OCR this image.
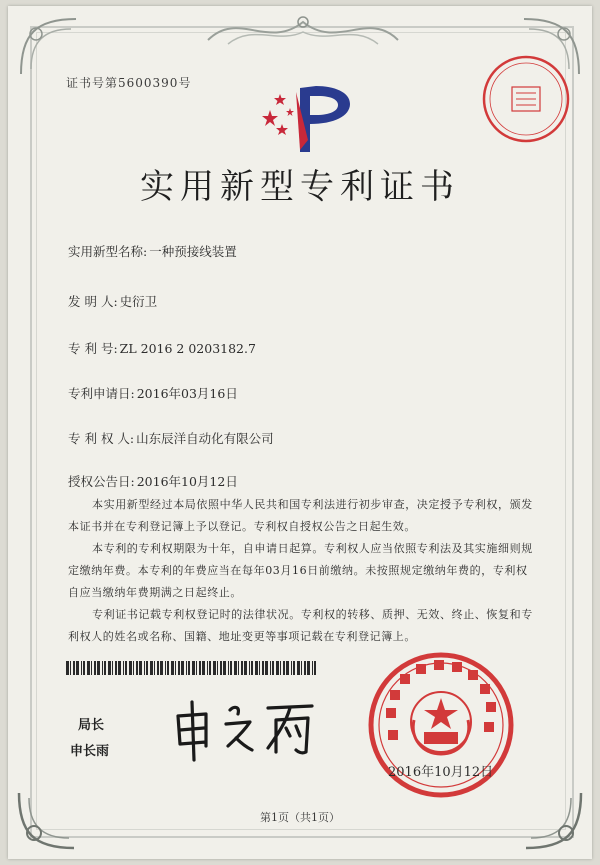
证书号第5600390号
实用新型专利证书
实用新型名称: 一种预接线装置
发 明 人: 史衍卫
专 利 号: ZL 2016 2 0203182.7
专利申请日: 2016年03月16日
专 利 权 人: 山东辰洋自动化有限公司
授权公告日: 2016年10月12日
本实用新型经过本局依照中华人民共和国专利法进行初步审查，决定授予专利权，颁发本证书并在专利登记簿上予以登记。专利权自授权公告之日起生效。
本专利的专利权期限为十年，自申请日起算。专利权人应当依照专利法及其实施细则规定缴纳年费。本专利的年费应当在每年03月16日前缴纳。未按照规定缴纳年费的，专利权自应当缴纳年费期满之日起终止。
专利证书记载专利权登记时的法律状况。专利权的转移、质押、无效、终止、恢复和专利权人的姓名或名称、国籍、地址变更等事项记载在专利登记簿上。
局长
申长雨
2016年10月12日
第1页（共1页）
